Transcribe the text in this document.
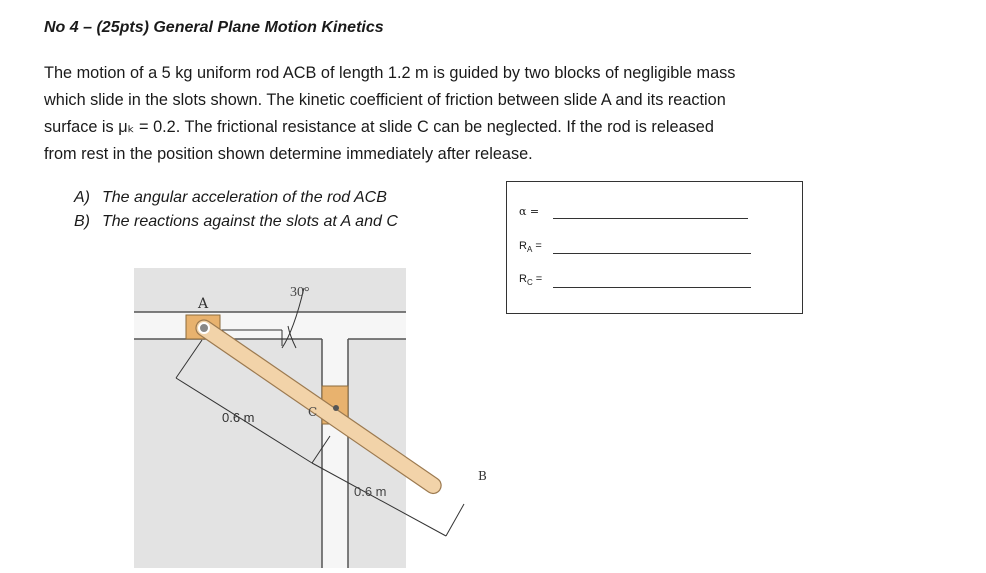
No 4 – (25pts) General Plane Motion Kinetics
The motion of a 5 kg uniform rod ACB of length 1.2 m is guided by two blocks of negligible mass
which slide in the slots shown. The kinetic coefficient of friction between slide A and its reaction
surface is μₖ = 0.2. The frictional resistance at slide C can be neglected. If the rod is released
from rest in the position shown determine immediately after release.
A) The angular acceleration of the rod ACB
B) The reactions against the slots at A and C
α =
$R_A$ =
$R_C$ =
A
30°
C
B
0.6 m
0.6 m
